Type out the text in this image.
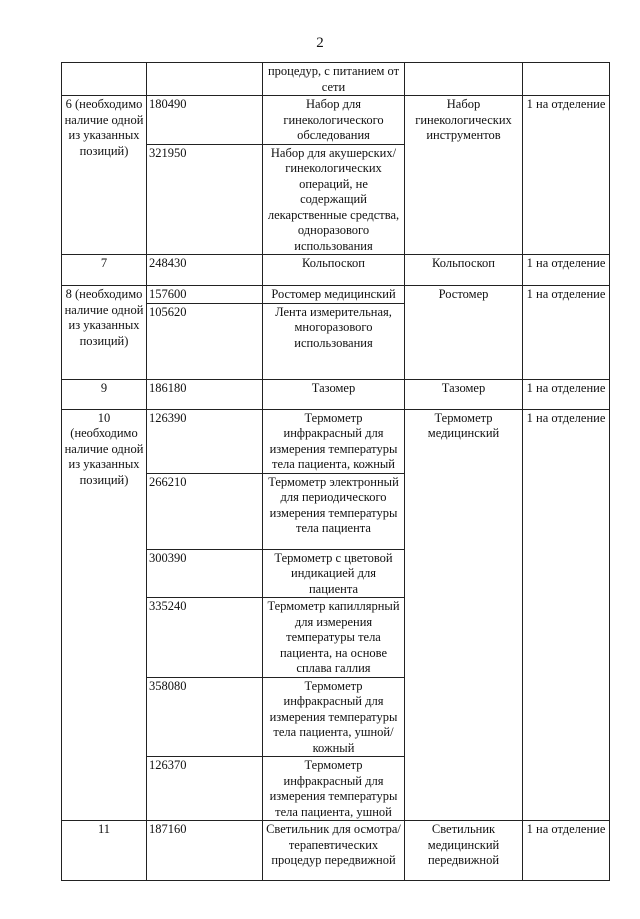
2
		процедур, с питанием от сети		
6 (необходимо наличие одной из указанных позиций)	180490	Набор для гинекологического обследования	Набор гинекологических инструментов	1 на отделение
	321950	Набор для акушерских/ гинекологических операций, не содержащий лекарственные средства, одноразового использования		
7	248430	Кольпоскоп	Кольпоскоп	1 на отделение
8 (необходимо наличие одной из указанных позиций)	157600	Ростомер медицинский	Ростомер	1 на отделение
	105620	Лента измерительная, многоразового использования		
9	186180	Тазомер	Тазомер	1 на отделение
10 (необходимо наличие одной из указанных позиций)	126390	Термометр инфракрасный для измерения температуры тела пациента, кожный	Термометр медицинский	1 на отделение
	266210	Термометр электронный для периодического измерения температуры тела пациента		
	300390	Термометр с цветовой индикацией для пациента		
	335240	Термометр капиллярный для измерения температуры тела пациента, на основе сплава галлия		
	358080	Термометр инфракрасный для измерения температуры тела пациента, ушной/кожный		
	126370	Термометр инфракрасный для измерения температуры тела пациента, ушной		
11	187160	Светильник для осмотра/ терапевтических процедур передвижной	Светильник медицинский передвижной	1 на отделение
